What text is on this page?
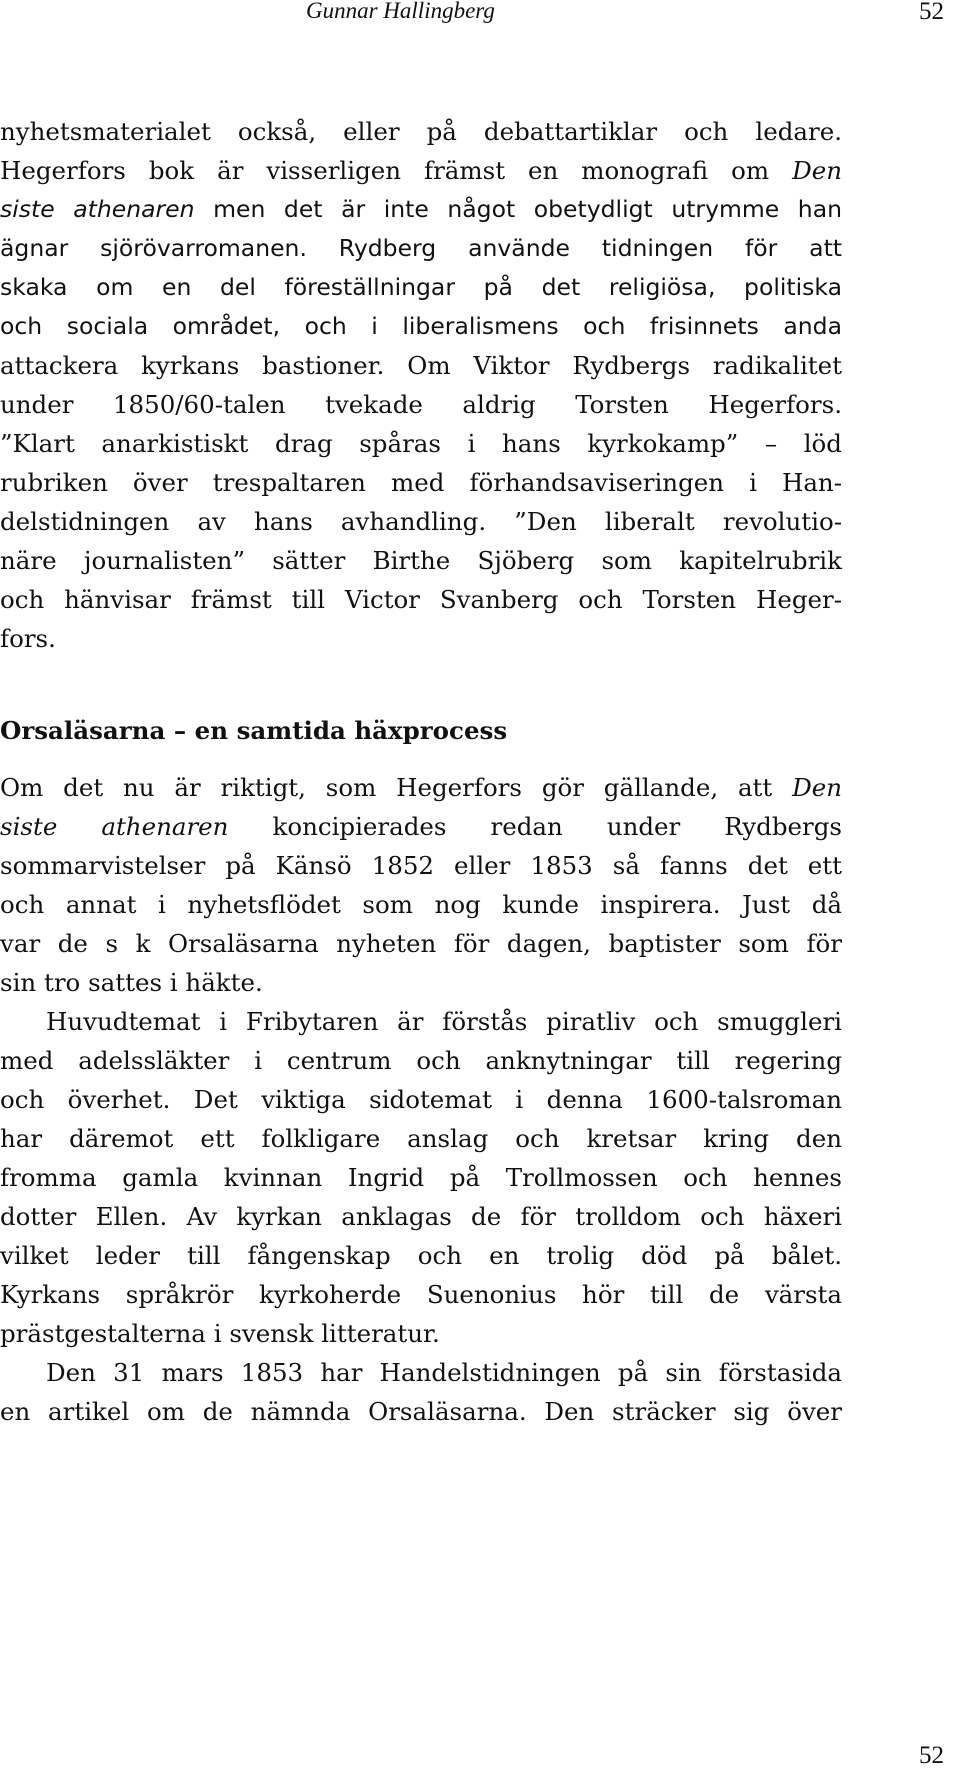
Gunnar Hallingberg	52
nyhetsmaterialet också, eller på debattartiklar och ledare.
Hegerfors bok är visserligen främst en monografi om Den
siste athenaren men det är inte något obetydligt utrymme han
ägnar sjörövarromanen. Rydberg använde tidningen för att
skaka om en del föreställningar på det religiösa, politiska
och sociala området, och i liberalismens och frisinnets anda
attackera kyrkans bastioner. Om Viktor Rydbergs radikalitet
under 1850/60-talen tvekade aldrig Torsten Hegerfors.
”Klart anarkistiskt drag spåras i hans kyrkokamp” – löd
rubriken över trespaltaren med förhandsaviseringen i Han-
delstidningen av hans avhandling. ”Den liberalt revolutio-
näre journalisten” sätter Birthe Sjöberg som kapitelrubrik
och hänvisar främst till Victor Svanberg och Torsten Heger-
fors.
Orsaläsarna – en samtida häxprocess
Om det nu är riktigt, som Hegerfors gör gällande, att Den
siste athenaren koncipierades redan under Rydbergs
sommarvistelser på Känsö 1852 eller 1853 så fanns det ett
och annat i nyhetsflödet som nog kunde inspirera. Just då
var de s k Orsaläsarna nyheten för dagen, baptister som för
sin tro sattes i häkte.
Huvudtemat i Fribytaren är förstås piratliv och smuggleri
med adelssläkter i centrum och anknytningar till regering
och överhet. Det viktiga sidotemat i denna 1600-talsroman
har däremot ett folkligare anslag och kretsar kring den
fromma gamla kvinnan Ingrid på Trollmossen och hennes
dotter Ellen. Av kyrkan anklagas de för trolldom och häxeri
vilket leder till fångenskap och en trolig död på bålet.
Kyrkans språkrör kyrkoherde Suenonius hör till de värsta
prästgestalterna i svensk litteratur.
Den 31 mars 1853 har Handelstidningen på sin förstasida
en artikel om de nämnda Orsaläsarna. Den sträcker sig över
52
